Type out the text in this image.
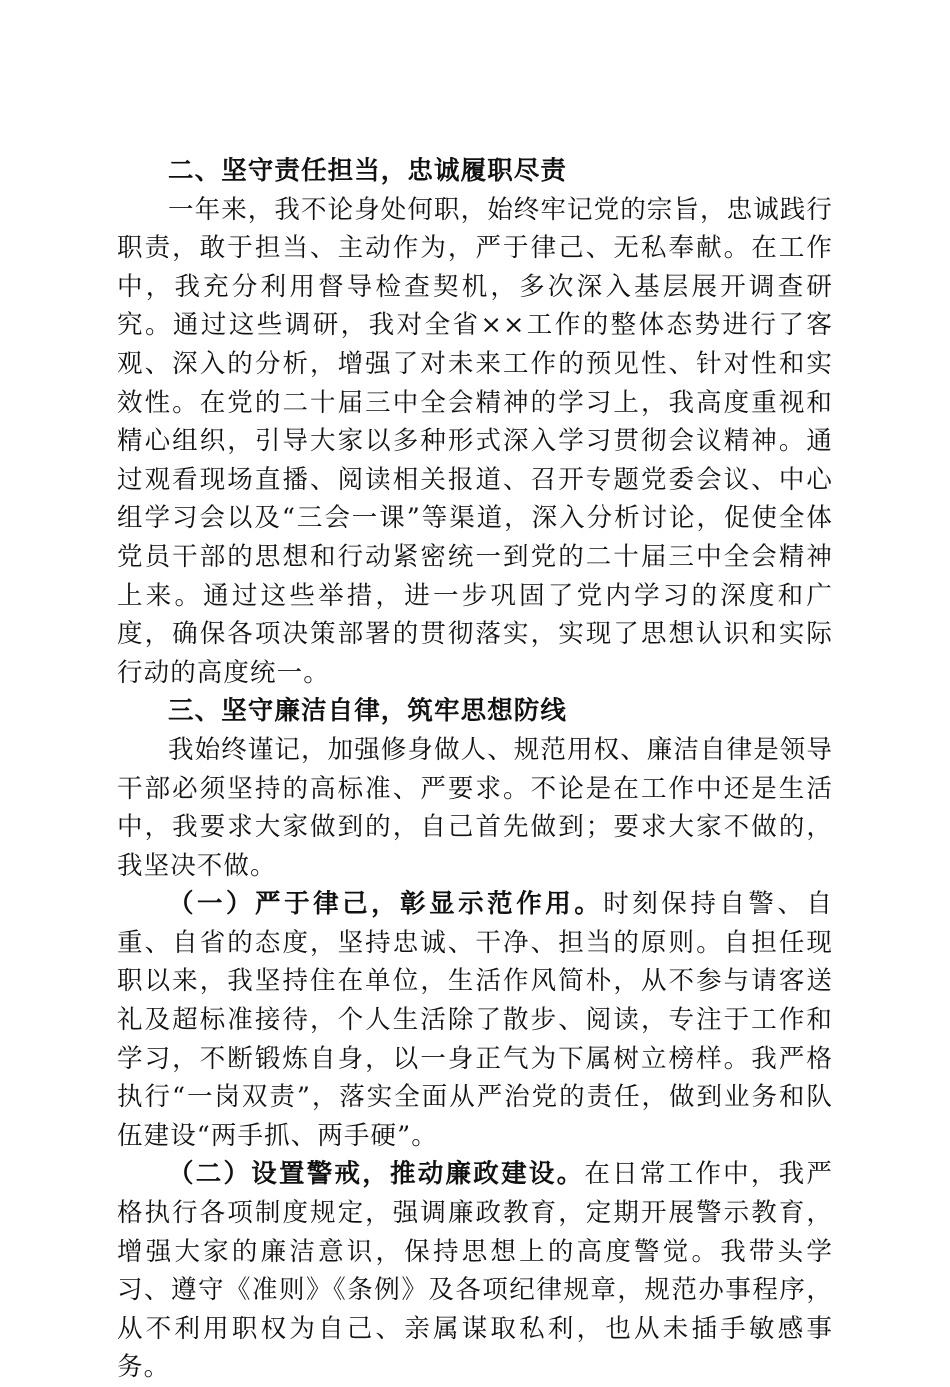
二、坚守责任担当，忠诚履职尽责

一年来，我不论身处何职，始终牢记党的宗旨，忠诚践行职责，敢于担当、主动作为，严于律己、无私奉献。在工作中，我充分利用督导检查契机，多次深入基层展开调查研究。通过这些调研，我对全省××工作的整体态势进行了客观、深入的分析，增强了对未来工作的预见性、针对性和实效性。在党的二十届三中全会精神的学习上，我高度重视和精心组织，引导大家以多种形式深入学习贯彻会议精神。通过观看现场直播、阅读相关报道、召开专题党委会议、中心组学习会以及“三会一课”等渠道，深入分析讨论，促使全体党员干部的思想和行动紧密统一到党的二十届三中全会精神上来。通过这些举措，进一步巩固了党内学习的深度和广度，确保各项决策部署的贯彻落实，实现了思想认识和实际行动的高度统一。

三、坚守廉洁自律，筑牢思想防线

我始终谨记，加强修身做人、规范用权、廉洁自律是领导干部必须坚持的高标准、严要求。不论是在工作中还是生活中，我要求大家做到的，自己首先做到；要求大家不做的，我坚决不做。

（一）严于律己，彰显示范作用。时刻保持自警、自重、自省的态度，坚持忠诚、干净、担当的原则。自担任现职以来，我坚持住在单位，生活作风简朴，从不参与请客送礼及超标准接待，个人生活除了散步、阅读，专注于工作和学习，不断锻炼自身，以一身正气为下属树立榜样。我严格执行“一岗双责”，落实全面从严治党的责任，做到业务和队伍建设“两手抓、两手硬”。

（二）设置警戒，推动廉政建设。在日常工作中，我严格执行各项制度规定，强调廉政教育，定期开展警示教育，增强大家的廉洁意识，保持思想上的高度警觉。我带头学习、遵守《准则》《条例》及各项纪律规章，规范办事程序，从不利用职权为自己、亲属谋取私利，也从未插手敏感事务。
